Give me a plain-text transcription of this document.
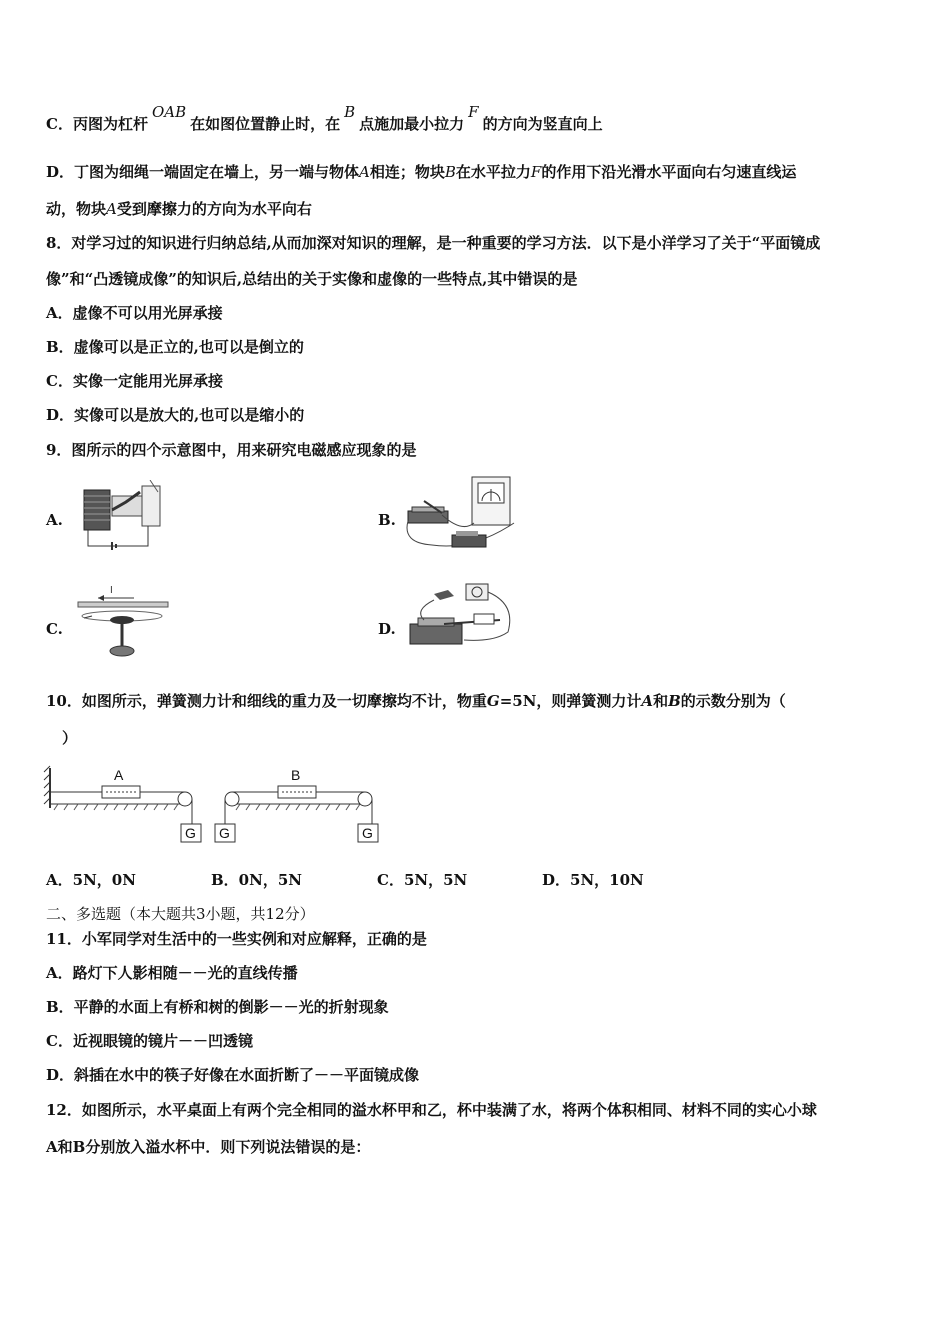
C．丙图为杠杆OAB在如图位置静止时，在B点施加最小拉力F的方向为竖直向上
D．丁图为细绳一端固定在墙上，另一端与物体A相连；物块B在水平拉力F的作用下沿光滑水平面向右匀速直线运
动，物块A受到摩擦力的方向为水平向右
8．对学习过的知识进行归纳总结,从而加深对知识的理解，是一种重要的学习方法．以下是小洋学习了关于“平面镜成
像”和“凸透镜成像”的知识后,总结出的关于实像和虚像的一些特点,其中错误的是
A．虚像不可以用光屏承接
B．虚像可以是正立的,也可以是倒立的
C．实像一定能用光屏承接
D．实像可以是放大的,也可以是缩小的
9．图所示的四个示意图中，用来研究电磁感应现象的是
A.	B.
C.	D.
I
10．如图所示，弹簧测力计和细线的重力及一切摩擦均不计，物重G=5N，则弹簧测力计A和B的示数分别为（
）
A
G
B
G	G
A．5N，0N	B．0N，5N	C．5N，5N	D．5N，10N
二、多选题（本大题共3小题，共12分）
11．小军同学对生活中的一些实例和对应解释，正确的是
A．路灯下人影相随－－光的直线传播
B．平静的水面上有桥和树的倒影－－光的折射现象
C．近视眼镜的镜片－－凹透镜
D．斜插在水中的筷子好像在水面折断了－－平面镜成像
12．如图所示，水平桌面上有两个完全相同的溢水杯甲和乙，杯中装满了水，将两个体积相同、材料不同的实心小球
A和B分别放入溢水杯中．则下列说法错误的是：
